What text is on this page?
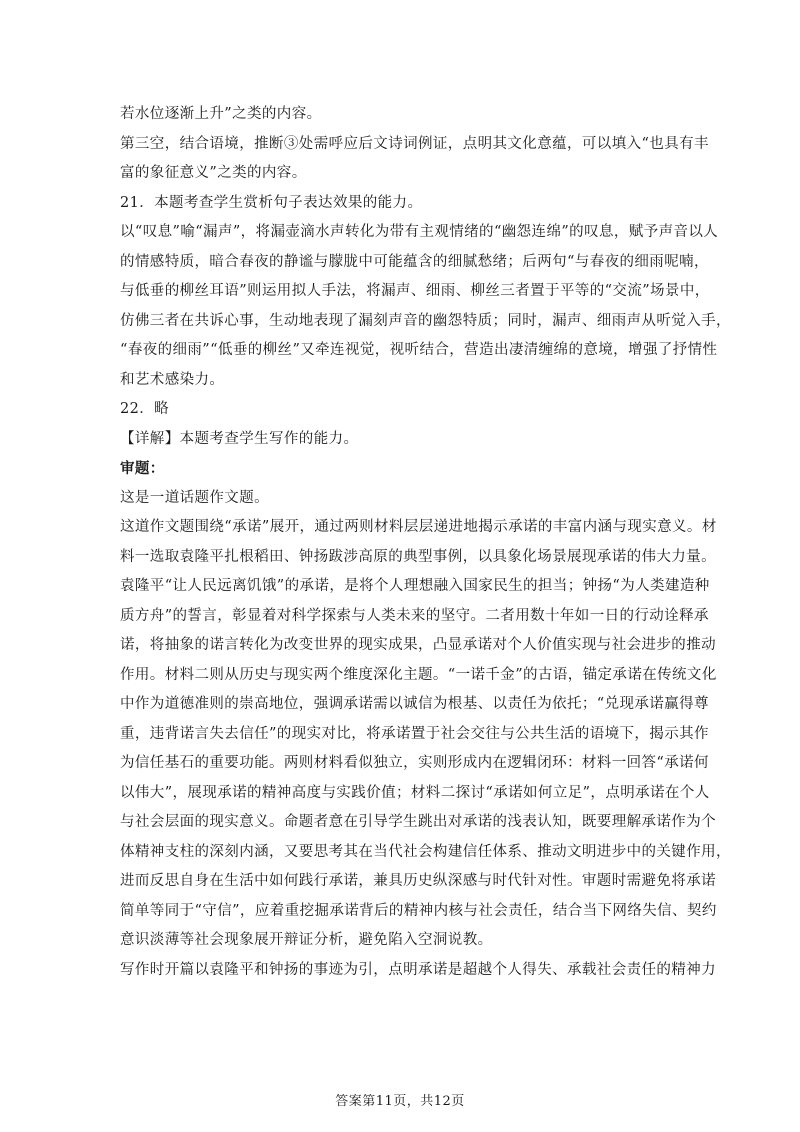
若水位逐渐上升”之类的内容。
第三空，结合语境，推断③处需呼应后文诗词例证，点明其文化意蕴，可以填入“也具有丰
富的象征意义”之类的内容。
21．本题考查学生赏析句子表达效果的能力。
以“叹息”喻“漏声”，将漏壶滴水声转化为带有主观情绪的“幽怨连绵”的叹息，赋予声音以人
的情感特质，暗合春夜的静谧与朦胧中可能蕴含的细腻愁绪；后两句“与春夜的细雨呢喃，
与低垂的柳丝耳语”则运用拟人手法，将漏声、细雨、柳丝三者置于平等的“交流”场景中，
仿佛三者在共诉心事，生动地表现了漏刻声音的幽怨特质；同时，漏声、细雨声从听觉入手，
“春夜的细雨”“低垂的柳丝”又牵连视觉，视听结合，营造出凄清缠绵的意境，增强了抒情性
和艺术感染力。
22．略
【详解】本题考查学生写作的能力。
审题：
这是一道话题作文题。
这道作文题围绕“承诺”展开，通过两则材料层层递进地揭示承诺的丰富内涵与现实意义。材
料一选取袁隆平扎根稻田、钟扬跋涉高原的典型事例，以具象化场景展现承诺的伟大力量。
袁隆平“让人民远离饥饿”的承诺，是将个人理想融入国家民生的担当；钟扬“为人类建造种
质方舟”的誓言，彰显着对科学探索与人类未来的坚守。二者用数十年如一日的行动诠释承
诺，将抽象的诺言转化为改变世界的现实成果，凸显承诺对个人价值实现与社会进步的推动
作用。材料二则从历史与现实两个维度深化主题。“一诺千金”的古语，锚定承诺在传统文化
中作为道德准则的崇高地位，强调承诺需以诚信为根基、以责任为依托；“兑现承诺赢得尊
重，违背诺言失去信任”的现实对比，将承诺置于社会交往与公共生活的语境下，揭示其作
为信任基石的重要功能。两则材料看似独立，实则形成内在逻辑闭环：材料一回答“承诺何
以伟大”，展现承诺的精神高度与实践价值；材料二探讨“承诺如何立足”，点明承诺在个人
与社会层面的现实意义。命题者意在引导学生跳出对承诺的浅表认知，既要理解承诺作为个
体精神支柱的深刻内涵，又要思考其在当代社会构建信任体系、推动文明进步中的关键作用，
进而反思自身在生活中如何践行承诺，兼具历史纵深感与时代针对性。审题时需避免将承诺
简单等同于“守信”，应着重挖掘承诺背后的精神内核与社会责任，结合当下网络失信、契约
意识淡薄等社会现象展开辩证分析，避免陷入空洞说教。
写作时开篇以袁隆平和钟扬的事迹为引，点明承诺是超越个人得失、承载社会责任的精神力
答案第11页，共12页
